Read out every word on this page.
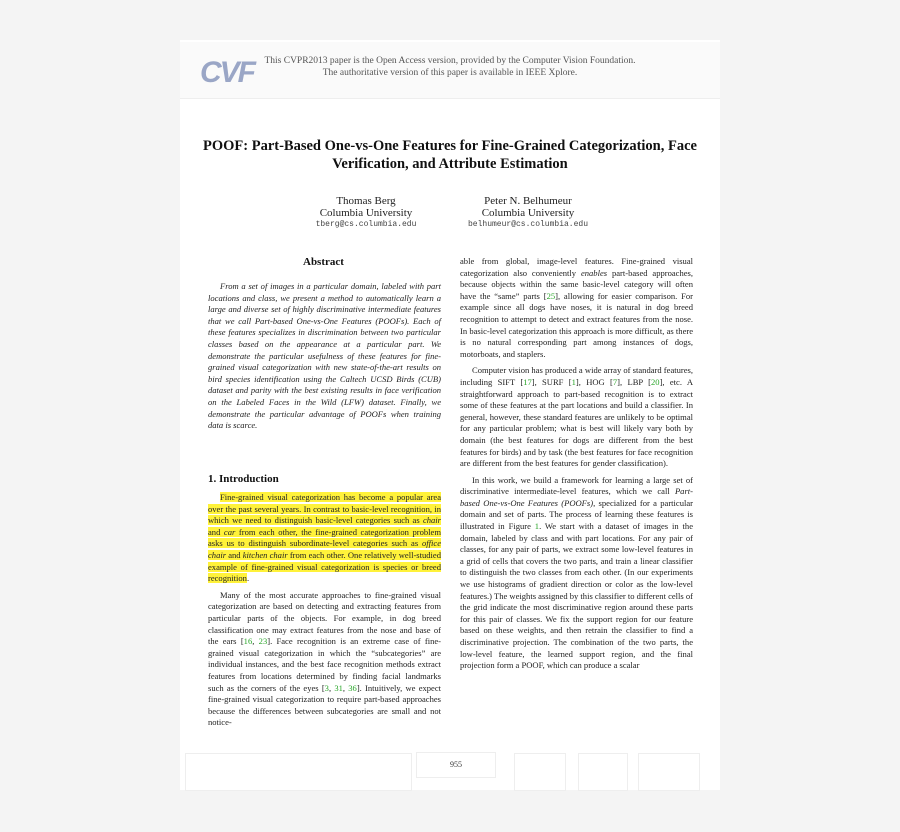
CVF	This CVPR2013 paper is the Open Access version, provided by the Computer Vision Foundation.
The authoritative version of this paper is available in IEEE Xplore.
POOF: Part-Based One-vs-One Features for Fine-Grained Categorization, Face Verification, and Attribute Estimation
Thomas Berg
Columbia University
tberg@cs.columbia.edu
Peter N. Belhumeur
Columbia University
belhumeur@cs.columbia.edu
Abstract
From a set of images in a particular domain, labeled with part locations and class, we present a method to automatically learn a large and diverse set of highly discriminative intermediate features that we call Part-based One-vs-One Features (POOFs). Each of these features specializes in discrimination between two particular classes based on the appearance at a particular part. We demonstrate the particular usefulness of these features for fine-grained visual categorization with new state-of-the-art results on bird species identification using the Caltech UCSD Birds (CUB) dataset and parity with the best existing results in face verification on the Labeled Faces in the Wild (LFW) dataset. Finally, we demonstrate the particular advantage of POOFs when training data is scarce.
1. Introduction

Fine-grained visual categorization has become a popular area over the past several years. In contrast to basic-level recognition, in which we need to distinguish basic-level categories such as chair and car from each other, the fine-grained categorization problem asks us to distinguish subordinate-level categories such as office chair and kitchen chair from each other. One relatively well-studied example of fine-grained visual categorization is species or breed recognition.

Many of the most accurate approaches to fine-grained visual categorization are based on detecting and extracting features from particular parts of the objects. For example, in dog breed classification one may extract features from the nose and base of the ears [16, 23]. Face recognition is an extreme case of fine-grained visual categorization in which the “subcategories” are individual instances, and the best face recognition methods extract features from locations determined by finding facial landmarks such as the corners of the eyes [3, 31, 36]. Intuitively, we expect fine-grained visual categorization to require part-based approaches because the differences between subcategories are small and not notice-

able from global, image-level features. Fine-grained visual categorization also conveniently enables part-based approaches, because objects within the same basic-level category will often have the “same” parts [25], allowing for easier comparison. For example since all dogs have noses, it is natural in dog breed recognition to attempt to detect and extract features from the nose. In basic-level categorization this approach is more difficult, as there is no natural corresponding part among instances of dogs, motorboats, and staplers.

Computer vision has produced a wide array of standard features, including SIFT [17], SURF [1], HOG [7], LBP [20], etc. A straightforward approach to part-based recognition is to extract some of these features at the part locations and build a classifier. In general, however, these standard features are unlikely to be optimal for any particular problem; what is best will likely vary both by domain (the best features for dogs are different from the best features for birds) and by task (the best features for face recognition are different from the best features for gender classification).

In this work, we build a framework for learning a large set of discriminative intermediate-level features, which we call Part-based One-vs-One Features (POOFs), specialized for a particular domain and set of parts. The process of learning these features is illustrated in Figure 1. We start with a dataset of images in the domain, labeled by class and with part locations. For any pair of classes, for any pair of parts, we extract some low-level features in a grid of cells that covers the two parts, and train a linear classifier to distinguish the two classes from each other. (In our experiments we use histograms of gradient direction or color as the low-level features.) The weights assigned by this classifier to different cells of the grid indicate the most discriminative region around these parts for this pair of classes. We fix the support region for our feature based on these weights, and then retrain the classifier to find a discriminative projection. The combination of the two parts, the low-level feature, the learned support region, and the final projection form a POOF, which can produce a scalar

955
